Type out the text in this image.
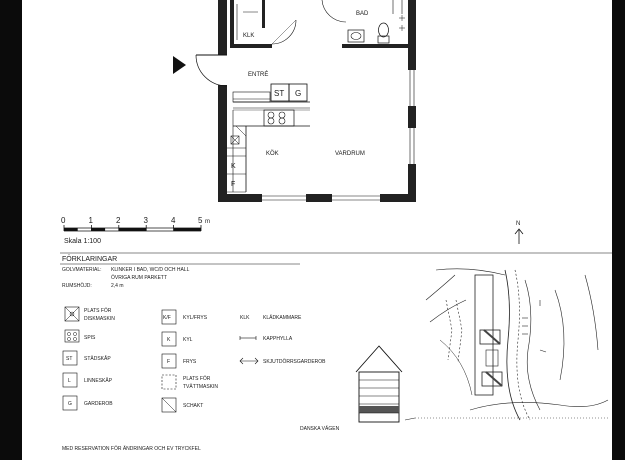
KLK
BAD
ENTRÉ
KÖK	VARDRUM
ST G
K
F
0	1	2	3	4	5 m
Skala 1:100
N
FÖRKLARINGAR
GOLVMATERIAL: KLINKER I BAD, WC/D OCH HALL
ÖVRIGA RUM PARKETT
RUMSHÖJD:	2,4 m
PLATS FÖR
DISKMASKIN
SPIS
ST STÄDSKÅP
L	LINNESKÅP
G GARDEROB
K/F KYL/FRYS
K	KYL
F	FRYS
PLATS FÖR
TVÄTTMASKIN
SCHAKT
KLK	KLÄDKAMMARE
KAPPHYLLA
SKJUTDÖRRSGARDEROB
DANSKA VÄGEN
MED RESERVATION FÖR ÄNDRINGAR OCH EV TRYCKFEL
